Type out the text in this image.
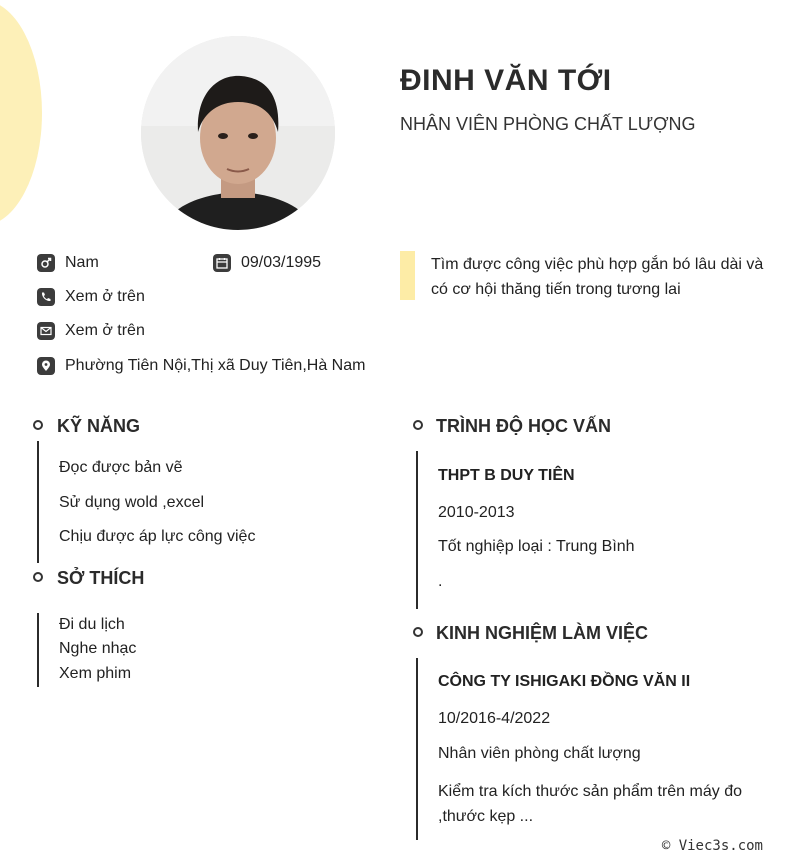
ĐINH VĂN TỚI

NHÂN VIÊN PHÒNG CHẤT LƯỢNG

Nam	09/03/1995
Xem ở trên
Xem ở trên
Phường Tiên Nội,Thị xã Duy Tiên,Hà Nam
Tìm được công việc phù hợp gắn bó lâu dài và có cơ hội thăng tiến trong tương lai
KỸ NĂNG
Đọc được bản vẽ
Sử dụng wold ,excel
Chịu được áp lực công việc
SỞ THÍCH
Đi du lịch
Nghe nhạc
Xem phim
TRÌNH ĐỘ HỌC VẤN
THPT B DUY TIÊN
2010-2013
Tốt nghiệp loại : Trung Bình
.
KINH NGHIỆM LÀM VIỆC
CÔNG TY ISHIGAKI ĐỒNG VĂN II
10/2016-4/2022
Nhân viên phòng chất lượng
Kiểm tra kích thước sản phẩm trên máy đo ,thước kẹp ...
© Viec3s.com
